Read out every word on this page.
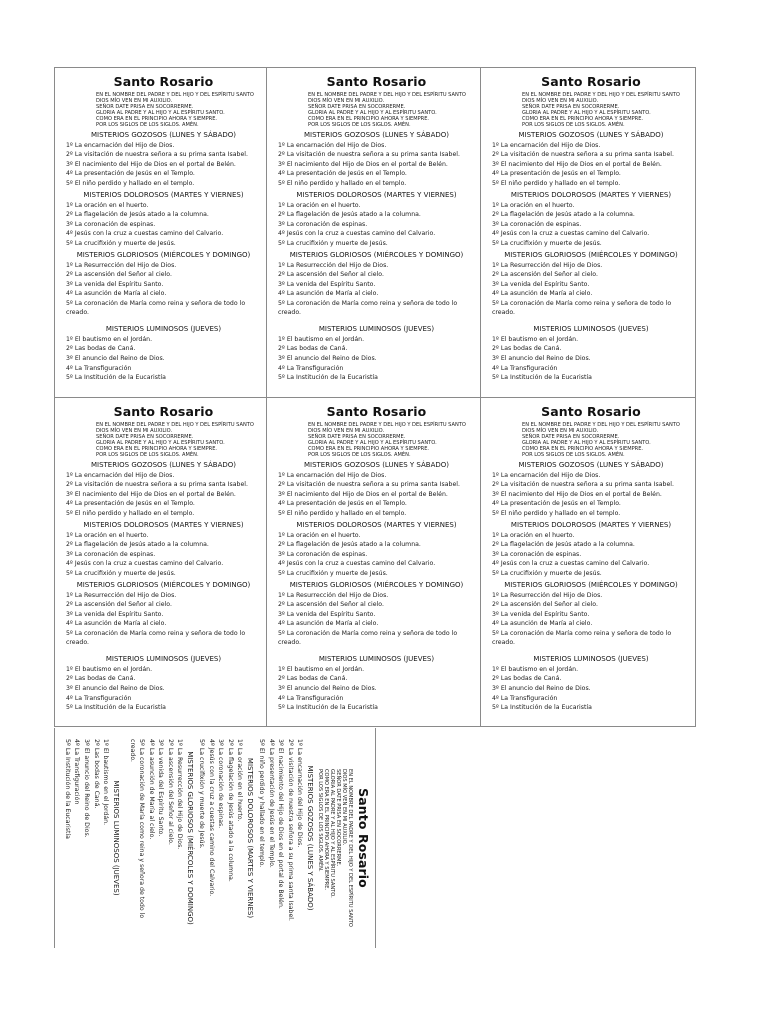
Santo Rosario
EN EL NOMBRE DEL PADRE Y DEL HIJO Y DEL ESPÍRITU SANTO
DIOS MÍO VEN EN MI AUXILIO.
SEÑOR DATE PRISA EN SOCORRERME.
GLORIA AL PADRE Y AL HIJO Y AL ESPÍRITU SANTO.
COMO ERA EN EL PRINCIPIO AHORA Y SIEMPRE.
POR LOS SIGLOS DE LOS SIGLOS. AMÉN.
MISTERIOS GOZOSOS (LUNES Y SÁBADO)
1º La encarnación del Hijo de Dios.
2º La visitación de nuestra señora a su prima santa Isabel.
3º El nacimiento del Hijo de Dios en el portal de Belén.
4º La presentación de Jesús en el Templo.
5º El niño perdido y hallado en el templo.
MISTERIOS DOLOROSOS (MARTES Y VIERNES)
1º La oración en el huerto.
2º La flagelación de Jesús atado a la columna.
3º La coronación de espinas.
4º Jesús con la cruz a cuestas camino del Calvario.
5º La crucifixión y muerte de Jesús.
MISTERIOS GLORIOSOS (MIÉRCOLES Y DOMINGO)
1º La Resurrección del Hijo de Dios.
2º La ascensión del Señor al cielo.
3º La venida del Espíritu Santo.
4º La asunción de María al cielo.
5º La coronación de María como reina y señora de todo lo creado.
MISTERIOS LUMINOSOS (JUEVES)
1º El bautismo en el Jordán.
2º Las bodas de Caná.
3º El anuncio del Reino de Dios.
4º La Transfiguración
5º La Institución de la Eucaristía
Santo Rosario
EN EL NOMBRE DEL PADRE Y DEL HIJO Y DEL ESPÍRITU SANTO
DIOS MÍO VEN EN MI AUXILIO.
SEÑOR DATE PRISA EN SOCORRERME.
GLORIA AL PADRE Y AL HIJO Y AL ESPÍRITU SANTO.
COMO ERA EN EL PRINCIPIO AHORA Y SIEMPRE.
POR LOS SIGLOS DE LOS SIGLOS. AMÉN.
MISTERIOS GOZOSOS (LUNES Y SÁBADO)
1º La encarnación del Hijo de Dios.
2º La visitación de nuestra señora a su prima santa Isabel.
3º El nacimiento del Hijo de Dios en el portal de Belén.
4º La presentación de Jesús en el Templo.
5º El niño perdido y hallado en el templo.
MISTERIOS DOLOROSOS (MARTES Y VIERNES)
1º La oración en el huerto.
2º La flagelación de Jesús atado a la columna.
3º La coronación de espinas.
4º Jesús con la cruz a cuestas camino del Calvario.
5º La crucifixión y muerte de Jesús.
MISTERIOS GLORIOSOS (MIÉRCOLES Y DOMINGO)
1º La Resurrección del Hijo de Dios.
2º La ascensión del Señor al cielo.
3º La venida del Espíritu Santo.
4º La asunción de María al cielo.
5º La coronación de María como reina y señora de todo lo creado.
MISTERIOS LUMINOSOS (JUEVES)
1º El bautismo en el Jordán.
2º Las bodas de Caná.
3º El anuncio del Reino de Dios.
4º La Transfiguración
5º La Institución de la Eucaristía
Santo Rosario
EN EL NOMBRE DEL PADRE Y DEL HIJO Y DEL ESPÍRITU SANTO
DIOS MÍO VEN EN MI AUXILIO.
SEÑOR DATE PRISA EN SOCORRERME.
GLORIA AL PADRE Y AL HIJO Y AL ESPÍRITU SANTO.
COMO ERA EN EL PRINCIPIO AHORA Y SIEMPRE.
POR LOS SIGLOS DE LOS SIGLOS. AMÉN.
MISTERIOS GOZOSOS (LUNES Y SÁBADO)
1º La encarnación del Hijo de Dios.
2º La visitación de nuestra señora a su prima santa Isabel.
3º El nacimiento del Hijo de Dios en el portal de Belén.
4º La presentación de Jesús en el Templo.
5º El niño perdido y hallado en el templo.
MISTERIOS DOLOROSOS (MARTES Y VIERNES)
1º La oración en el huerto.
2º La flagelación de Jesús atado a la columna.
3º La coronación de espinas.
4º Jesús con la cruz a cuestas camino del Calvario.
5º La crucifixión y muerte de Jesús.
MISTERIOS GLORIOSOS (MIÉRCOLES Y DOMINGO)
1º La Resurrección del Hijo de Dios.
2º La ascensión del Señor al cielo.
3º La venida del Espíritu Santo.
4º La asunción de María al cielo.
5º La coronación de María como reina y señora de todo lo creado.
MISTERIOS LUMINOSOS (JUEVES)
1º El bautismo en el Jordán.
2º Las bodas de Caná.
3º El anuncio del Reino de Dios.
4º La Transfiguración
5º La Institución de la Eucaristía
Santo Rosario
EN EL NOMBRE DEL PADRE Y DEL HIJO Y DEL ESPÍRITU SANTO
DIOS MÍO VEN EN MI AUXILIO.
SEÑOR DATE PRISA EN SOCORRERME.
GLORIA AL PADRE Y AL HIJO Y AL ESPÍRITU SANTO.
COMO ERA EN EL PRINCIPIO AHORA Y SIEMPRE.
POR LOS SIGLOS DE LOS SIGLOS. AMÉN.
MISTERIOS GOZOSOS (LUNES Y SÁBADO)
1º La encarnación del Hijo de Dios.
2º La visitación de nuestra señora a su prima santa Isabel.
3º El nacimiento del Hijo de Dios en el portal de Belén.
4º La presentación de Jesús en el Templo.
5º El niño perdido y hallado en el templo.
MISTERIOS DOLOROSOS (MARTES Y VIERNES)
1º La oración en el huerto.
2º La flagelación de Jesús atado a la columna.
3º La coronación de espinas.
4º Jesús con la cruz a cuestas camino del Calvario.
5º La crucifixión y muerte de Jesús.
MISTERIOS GLORIOSOS (MIÉRCOLES Y DOMINGO)
1º La Resurrección del Hijo de Dios.
2º La ascensión del Señor al cielo.
3º La venida del Espíritu Santo.
4º La asunción de María al cielo.
5º La coronación de María como reina y señora de todo lo creado.
MISTERIOS LUMINOSOS (JUEVES)
1º El bautismo en el Jordán.
2º Las bodas de Caná.
3º El anuncio del Reino de Dios.
4º La Transfiguración
5º La Institución de la Eucaristía
Santo Rosario
EN EL NOMBRE DEL PADRE Y DEL HIJO Y DEL ESPÍRITU SANTO
DIOS MÍO VEN EN MI AUXILIO.
SEÑOR DATE PRISA EN SOCORRERME.
GLORIA AL PADRE Y AL HIJO Y AL ESPÍRITU SANTO.
COMO ERA EN EL PRINCIPIO AHORA Y SIEMPRE.
POR LOS SIGLOS DE LOS SIGLOS. AMÉN.
MISTERIOS GOZOSOS (LUNES Y SÁBADO)
1º La encarnación del Hijo de Dios.
2º La visitación de nuestra señora a su prima santa Isabel.
3º El nacimiento del Hijo de Dios en el portal de Belén.
4º La presentación de Jesús en el Templo.
5º El niño perdido y hallado en el templo.
MISTERIOS DOLOROSOS (MARTES Y VIERNES)
1º La oración en el huerto.
2º La flagelación de Jesús atado a la columna.
3º La coronación de espinas.
4º Jesús con la cruz a cuestas camino del Calvario.
5º La crucifixión y muerte de Jesús.
MISTERIOS GLORIOSOS (MIÉRCOLES Y DOMINGO)
1º La Resurrección del Hijo de Dios.
2º La ascensión del Señor al cielo.
3º La venida del Espíritu Santo.
4º La asunción de María al cielo.
5º La coronación de María como reina y señora de todo lo creado.
MISTERIOS LUMINOSOS (JUEVES)
1º El bautismo en el Jordán.
2º Las bodas de Caná.
3º El anuncio del Reino de Dios.
4º La Transfiguración
5º La Institución de la Eucaristía
Santo Rosario
EN EL NOMBRE DEL PADRE Y DEL HIJO Y DEL ESPÍRITU SANTO
DIOS MÍO VEN EN MI AUXILIO.
SEÑOR DATE PRISA EN SOCORRERME.
GLORIA AL PADRE Y AL HIJO Y AL ESPÍRITU SANTO.
COMO ERA EN EL PRINCIPIO AHORA Y SIEMPRE.
POR LOS SIGLOS DE LOS SIGLOS. AMÉN.
MISTERIOS GOZOSOS (LUNES Y SÁBADO)
1º La encarnación del Hijo de Dios.
2º La visitación de nuestra señora a su prima santa Isabel.
3º El nacimiento del Hijo de Dios en el portal de Belén.
4º La presentación de Jesús en el Templo.
5º El niño perdido y hallado en el templo.
MISTERIOS DOLOROSOS (MARTES Y VIERNES)
1º La oración en el huerto.
2º La flagelación de Jesús atado a la columna.
3º La coronación de espinas.
4º Jesús con la cruz a cuestas camino del Calvario.
5º La crucifixión y muerte de Jesús.
MISTERIOS GLORIOSOS (MIÉRCOLES Y DOMINGO)
1º La Resurrección del Hijo de Dios.
2º La ascensión del Señor al cielo.
3º La venida del Espíritu Santo.
4º La asunción de María al cielo.
5º La coronación de María como reina y señora de todo lo creado.
MISTERIOS LUMINOSOS (JUEVES)
1º El bautismo en el Jordán.
2º Las bodas de Caná.
3º El anuncio del Reino de Dios.
4º La Transfiguración
5º La Institución de la Eucaristía
Santo Rosario
EN EL NOMBRE DEL PADRE Y DEL HIJO Y DEL ESPÍRITU SANTO
DIOS MÍO VEN EN MI AUXILIO.
SEÑOR DATE PRISA EN SOCORRERME.
GLORIA AL PADRE Y AL HIJO Y AL ESPÍRITU SANTO.
COMO ERA EN EL PRINCIPIO AHORA Y SIEMPRE.
POR LOS SIGLOS DE LOS SIGLOS. AMÉN.
MISTERIOS GOZOSOS (LUNES Y SÁBADO)
1º La encarnación del Hijo de Dios.
2º La visitación de nuestra señora a su prima santa Isabel.
3º El nacimiento del Hijo de Dios en el portal de Belén.
4º La presentación de Jesús en el Templo.
5º El niño perdido y hallado en el templo.
MISTERIOS DOLOROSOS (MARTES Y VIERNES)
1º La oración en el huerto.
2º La flagelación de Jesús atado a la columna.
3º La coronación de espinas.
4º Jesús con la cruz a cuestas camino del Calvario.
5º La crucifixión y muerte de Jesús.
MISTERIOS GLORIOSOS (MIÉRCOLES Y DOMINGO)
1º La Resurrección del Hijo de Dios.
2º La ascensión del Señor al cielo.
3º La venida del Espíritu Santo.
4º La asunción de María al cielo.
5º La coronación de María como reina y señora de todo lo creado.
MISTERIOS LUMINOSOS (JUEVES)
1º El bautismo en el Jordán.
2º Las bodas de Caná.
3º El anuncio del Reino de Dios.
4º La Transfiguración
5º La Institución de la Eucaristía
